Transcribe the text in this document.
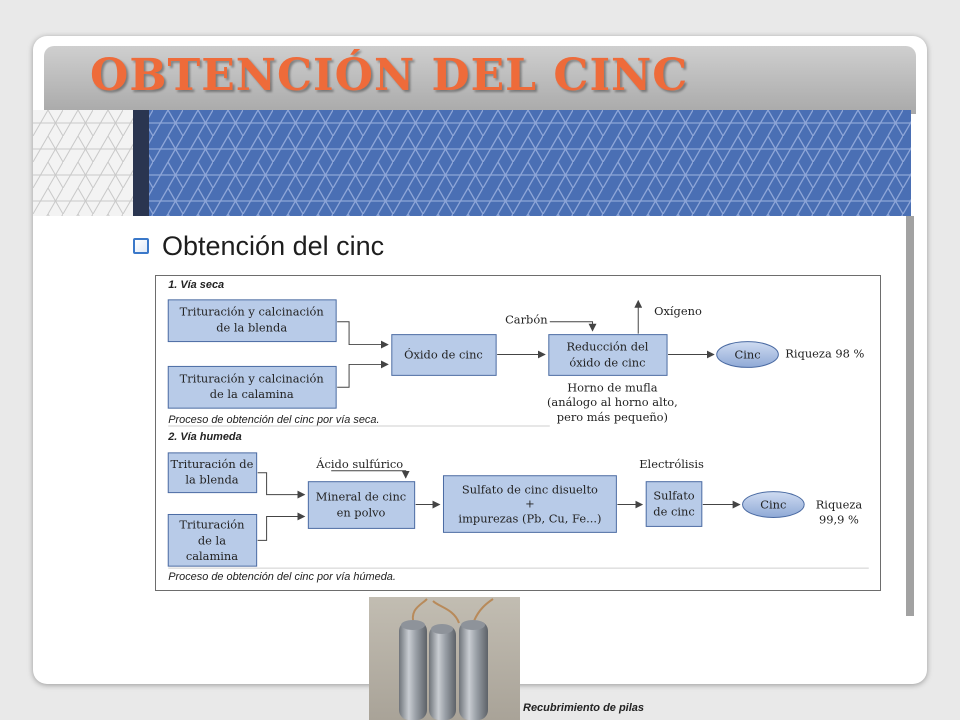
OBTENCIÓN DEL CINC
Obtención del cinc
1. Vía seca
Trituración y calcinación
de la blenda
Trituración y calcinación
de la calamina
Óxido de cinc
Reducción del
óxido de cinc
Carbón
Oxígeno
Cinc Riqueza 98 %
Horno de mufla
(análogo al horno alto,
pero más pequeño)
Proceso de obtención del cinc por vía seca.
2. Vía humeda
Trituración de
la blenda
Trituración
de la
calamina
Mineral de cinc
en polvo
Sulfato de cinc disuelto
+
impurezas (Pb, Cu, Fe...)
Sulfato
de cinc
Ácido sulfúrico	Electrólisis
Cinc	Riqueza
99,9 %
Proceso de obtención del cinc por vía húmeda.
Recubrimiento de pilas
